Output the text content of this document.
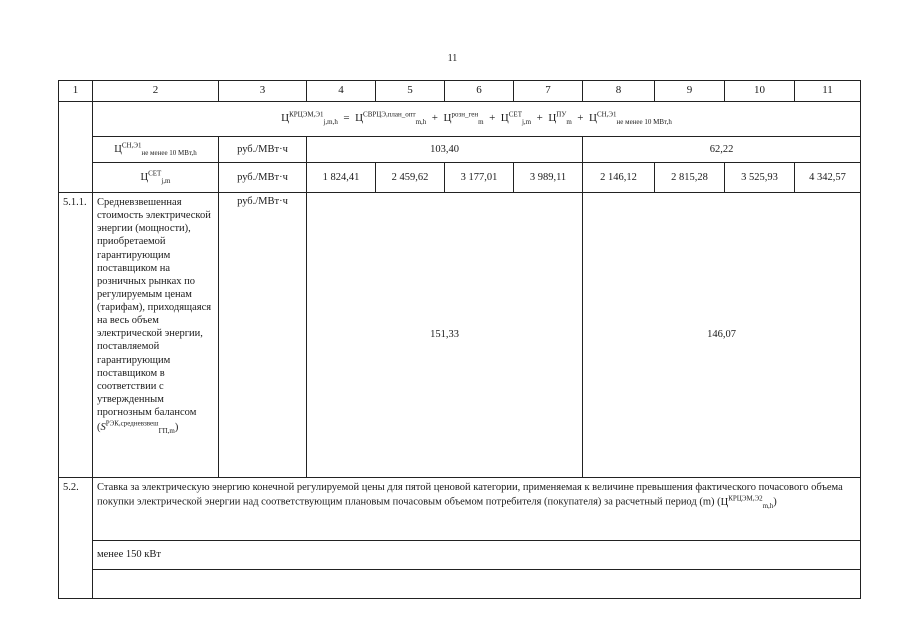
11
1	2	3	4	5	6	7	8	9	10	11
	$Ц^{КРЦЭМ,Э1}_{j,m,h} = Ц^{СВРЦЭ,план\_опт}_{m,h} + Ц^{розн\_ген}_m + Ц^{СЕТ}_{j,m} + Ц^{ПУ}_m + Ц^{СН,Э1}_{не менее 10 МВт,h}$
	$Ц^{СН,Э1}_{не менее 10 МВт,h}$	руб./МВт·ч	103,40				62,22			
	$Ц^{СЕТ}_{j,m}$	руб./МВт·ч	1 824,41	2 459,62	3 177,01	3 989,11	2 146,12	2 815,28	3 525,93	4 342,57
5.1.1.	Средневзвешенная стоимость электрической энергии (мощности), приобретаемой гарантирующим поставщиком на розничных рынках по регулируемым ценам (тарифам), приходящаяся на весь объем электрической энергии, поставляемой гарантирующим поставщиком в соответствии с утвержденным прогнозным балансом $(S^{РЭК,средневзвеш}_{ГП,m})$	руб./МВт·ч	151,33				146,07			
5.2.	Ставка за электрическую энергию конечной регулируемой цены для пятой ценовой категории, применяемая к величине превышения фактического почасового объема покупки электрической энергии над соответствующим плановым почасовым объемом потребителя (покупателя) за расчетный период (m) $(Ц^{КРЦЭМ,Э2}_{m,h})$									
	менее 150 кВт									
